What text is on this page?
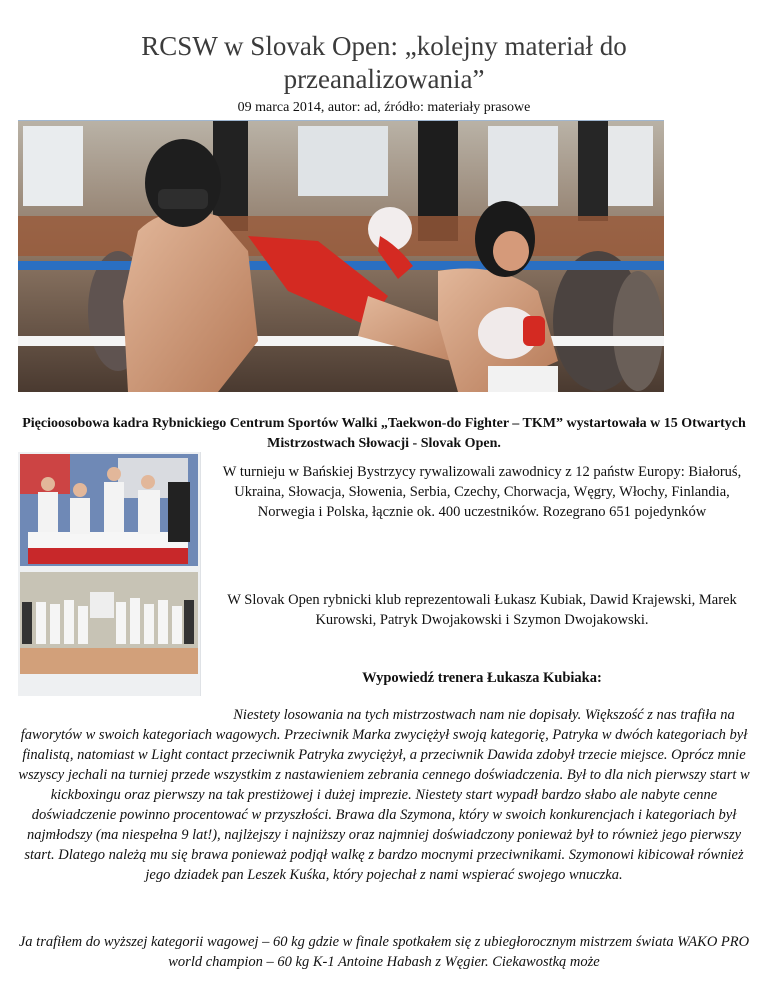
RCSW w Slovak Open: „kolejny materiał do przeanalizowania”
09 marca 2014, autor: ad, źródło: materiały prasowe
Pięcioosobowa kadra Rybnickiego Centrum Sportów Walki „Taekwon-do Fighter – TKM” wystartowała w 15 Otwartych Mistrzostwach Słowacji - Slovak Open.
W turnieju w Bańskiej Bystrzycy rywalizowali zawodnicy z 12 państw Europy: Białoruś, Ukraina, Słowacja, Słowenia, Serbia, Czechy, Chorwacja, Węgry, Włochy, Finlandia, Norwegia i Polska, łącznie ok. 400 uczestników. Rozegrano 651 pojedynków
W Slovak Open rybnicki klub reprezentowali Łukasz Kubiak, Dawid Krajewski, Marek Kurowski, Patryk Dwojakowski i Szymon Dwojakowski.
Wypowiedź trenera Łukasza Kubiaka:
Niestety losowania na tych mistrzostwach nam nie dopisały. Większość z nas trafiła na faworytów w swoich kategoriach wagowych. Przeciwnik Marka zwyciężył swoją kategorię, Patryka w dwóch kategoriach był finalistą, natomiast w Light contact przeciwnik Patryka zwyciężył, a przeciwnik Dawida zdobył trzecie miejsce. Oprócz mnie wszyscy jechali na turniej przede wszystkim z nastawieniem zebrania cennego doświadczenia. Był to dla nich pierwszy start w kickboxingu oraz pierwszy na tak prestiżowej i dużej imprezie. Niestety start wypadł bardzo słabo ale nabyte cenne doświadczenie powinno procentować w przyszłości. Brawa dla Szymona, który w swoich konkurencjach i kategoriach był najmłodszy (ma niespełna 9 lat!), najlżejszy i najniższy oraz najmniej doświadczony ponieważ był to również jego pierwszy start. Dlatego należą mu się brawa ponieważ podjął walkę z bardzo mocnymi przeciwnikami. Szymonowi kibicował również jego dziadek pan Leszek Kuśka, który pojechał z nami wspierać swojego wnuczka.
Ja trafiłem do wyższej kategorii wagowej – 60 kg gdzie w finale spotkałem się z ubiegłorocznym mistrzem świata WAKO PRO world champion – 60 kg K-1 Antoine Habash z Węgier. Ciekawostką może
